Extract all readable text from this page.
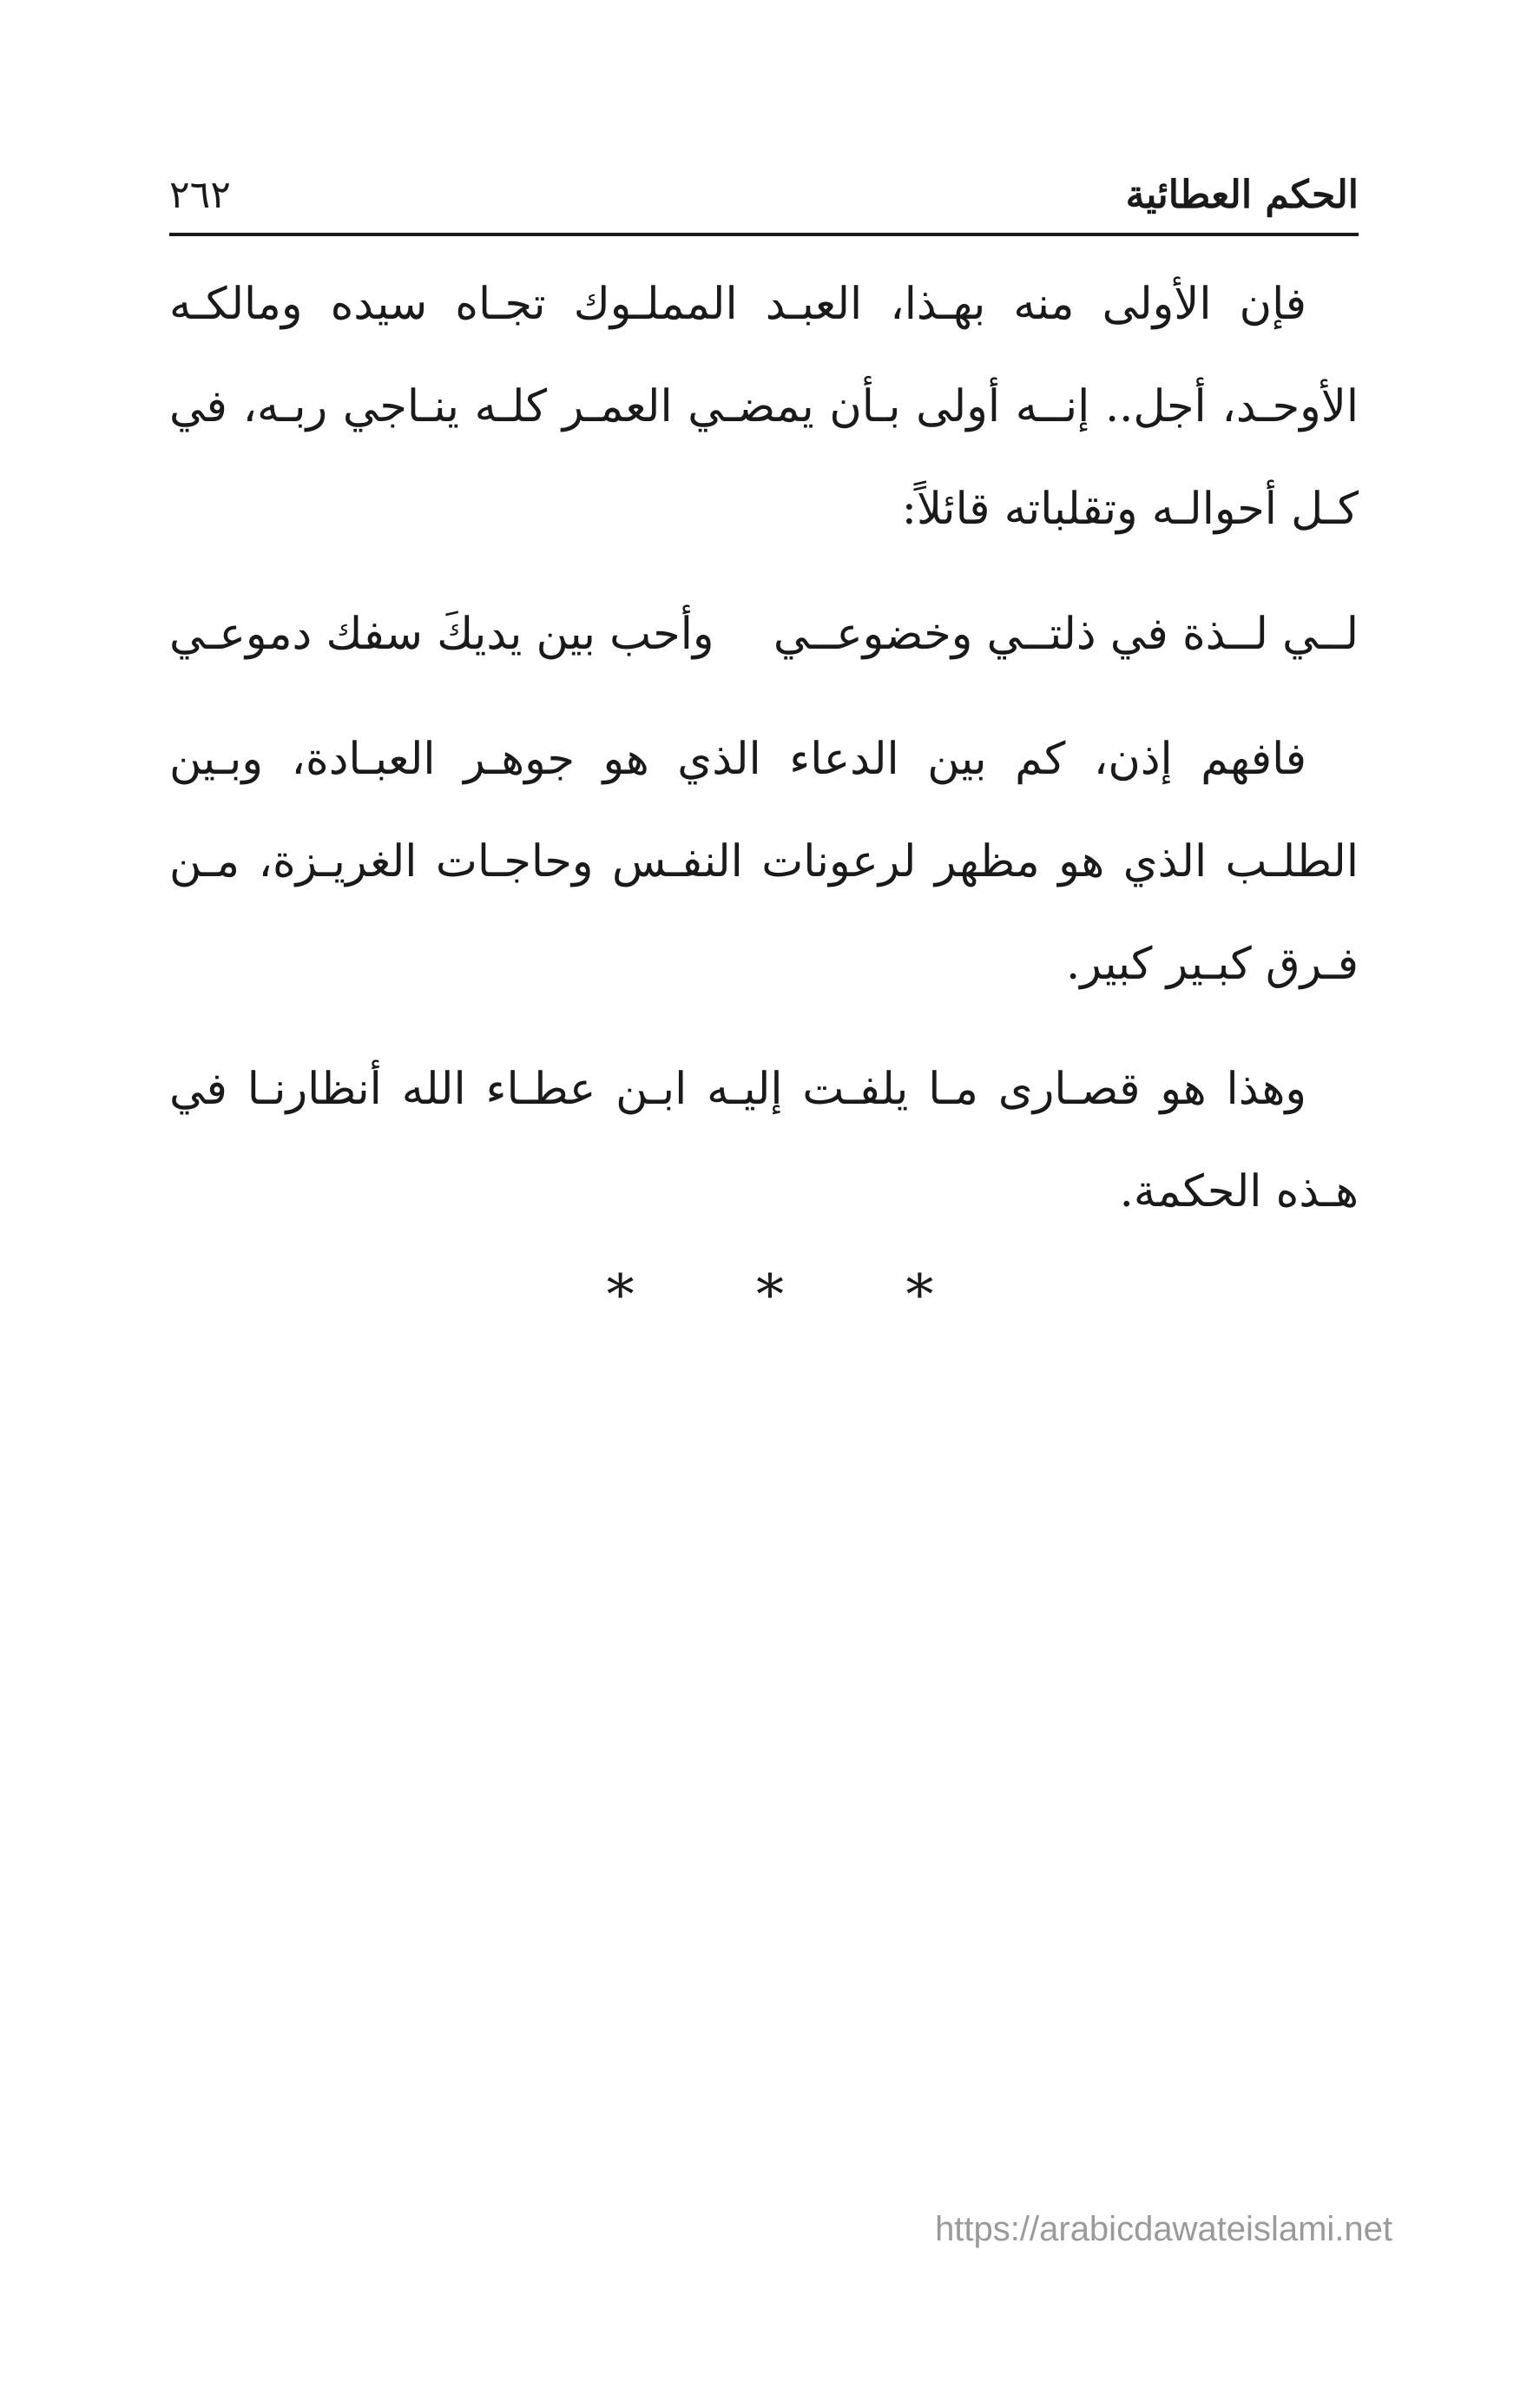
الحكم العطائية
٢٦٢

فإن الأولى منه بهـذا، العبـد المملـوك تجـاه سيده ومالكـه الأوحـد، أجل.. إنــه أولى بـأن يمضـي العمـر كلـه ينـاجي ربـه، في كـل أحوالـه وتقلباته قائلاً:

لــي لــذة في ذلتــي وخضوعــي
وأحب بين يديكَ سفك دموعـي

فافهم إذن، كم بين الدعاء الذي هو جوهـر العبـادة، وبـين الطلـب الذي هو مظهر لرعونات النفـس وحاجـات الغريـزة، مـن فـرق كبـير كبير.

وهذا هو قصـارى مـا يلفـت إليـه ابـن عطـاء الله أنظارنـا في هـذه الحكمة.

* * *
https://arabicdawateislami.net
